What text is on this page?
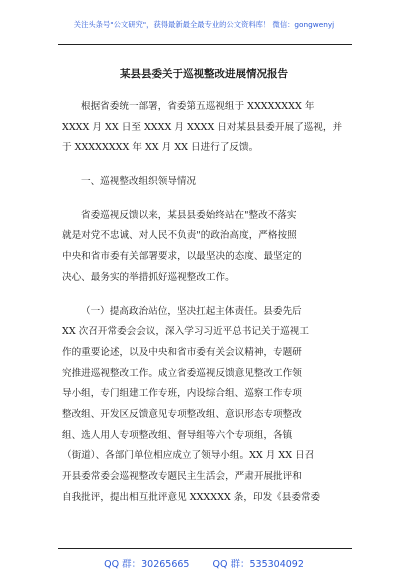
关注头条号"公文研究"，获得最新最全最专业的公文资料库！ 微信：gongwenyj
某县县委关于巡视整改进展情况报告
根据省委统一部署，省委第五巡视组于 XXXXXXXX 年
XXXX 月 XX 日至 XXXX 月 XXXX 日对某县县委开展了巡视，并
于 XXXXXXXX 年 XX 月 XX 日进行了反馈。
一、巡视整改组织领导情况
省委巡视反馈以来，某县县委始终站在"整改不落实
就是对党不忠诚、对人民不负责"的政治高度，严格按照
中央和省市委有关部署要求，以最坚决的态度、最坚定的
决心、最务实的举措抓好巡视整改工作。
（一）提高政治站位，坚决扛起主体责任。县委先后
XX 次召开常委会会议，深入学习习近平总书记关于巡视工
作的重要论述，以及中央和省市委有关会议精神，专题研
究推进巡视整改工作。成立省委巡视反馈意见整改工作领
导小组，专门组建工作专班，内设综合组、巡察工作专项
整改组、开发区反馈意见专项整改组、意识形态专项整改
组、选人用人专项整改组、督导组等六个专项组，各镇
（街道）、各部门单位相应成立了领导小组。XX 月 XX 日召
开县委常委会巡视整改专题民主生活会，严肃开展批评和
自我批评，提出相互批评意见 XXXXXX 条，印发《县委常委
QQ 群：30265665 QQ 群：535304092
